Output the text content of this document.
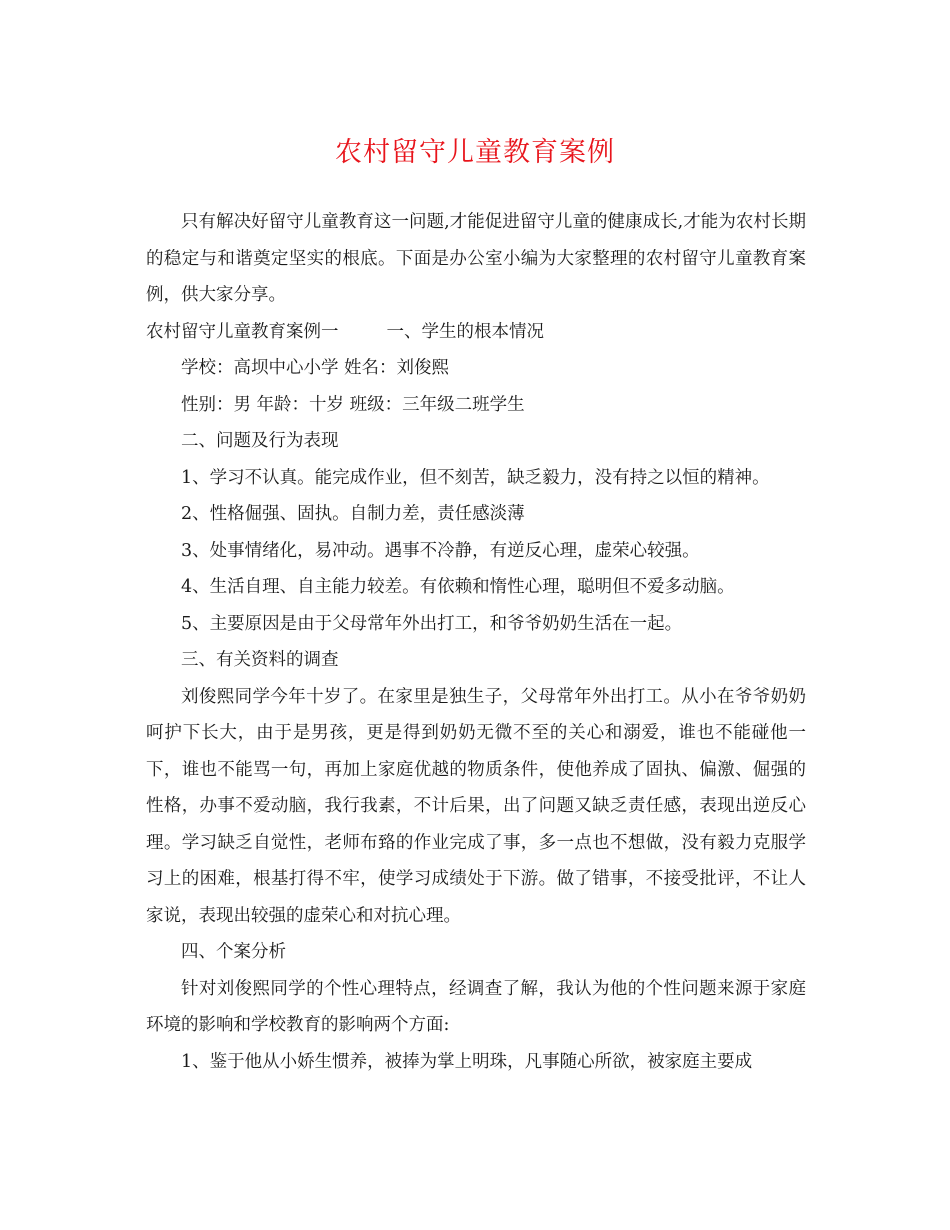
农村留守儿童教育案例

只有解决好留守儿童教育这一问题,才能促进留守儿童的健康成长,才能为农村长期的稳定与和谐奠定坚实的根底。下面是办公室小编为大家整理的农村留守儿童教育案例，供大家分享。

农村留守儿童教育案例一	一、学生的根本情况

学校：高坝中心小学 姓名：刘俊熙

性别：男 年龄：十岁 班级：三年级二班学生

二、问题及行为表现

1、学习不认真。能完成作业，但不刻苦，缺乏毅力，没有持之以恒的精神。

2、性格倔强、固执。自制力差，责任感淡薄

3、处事情绪化，易冲动。遇事不冷静，有逆反心理，虚荣心较强。

4、生活自理、自主能力较差。有依赖和惰性心理，聪明但不爱多动脑。

5、主要原因是由于父母常年外出打工，和爷爷奶奶生活在一起。

三、有关资料的调查

刘俊熙同学今年十岁了。在家里是独生子，父母常年外出打工。从小在爷爷奶奶呵护下长大，由于是男孩，更是得到奶奶无微不至的关心和溺爱，谁也不能碰他一下，谁也不能骂一句，再加上家庭优越的物质条件，使他养成了固执、偏激、倔强的性格，办事不爱动脑，我行我素，不计后果，出了问题又缺乏责任感，表现出逆反心理。学习缺乏自觉性，老师布臵的作业完成了事，多一点也不想做，没有毅力克服学习上的困难，根基打得不牢，使学习成绩处于下游。做了错事，不接受批评，不让人家说，表现出较强的虚荣心和对抗心理。

四、个案分析

针对刘俊熙同学的个性心理特点，经调查了解，我认为他的个性问题来源于家庭环境的影响和学校教育的影响两个方面:

1、鉴于他从小娇生惯养，被捧为掌上明珠，凡事随心所欲，被家庭主要成
